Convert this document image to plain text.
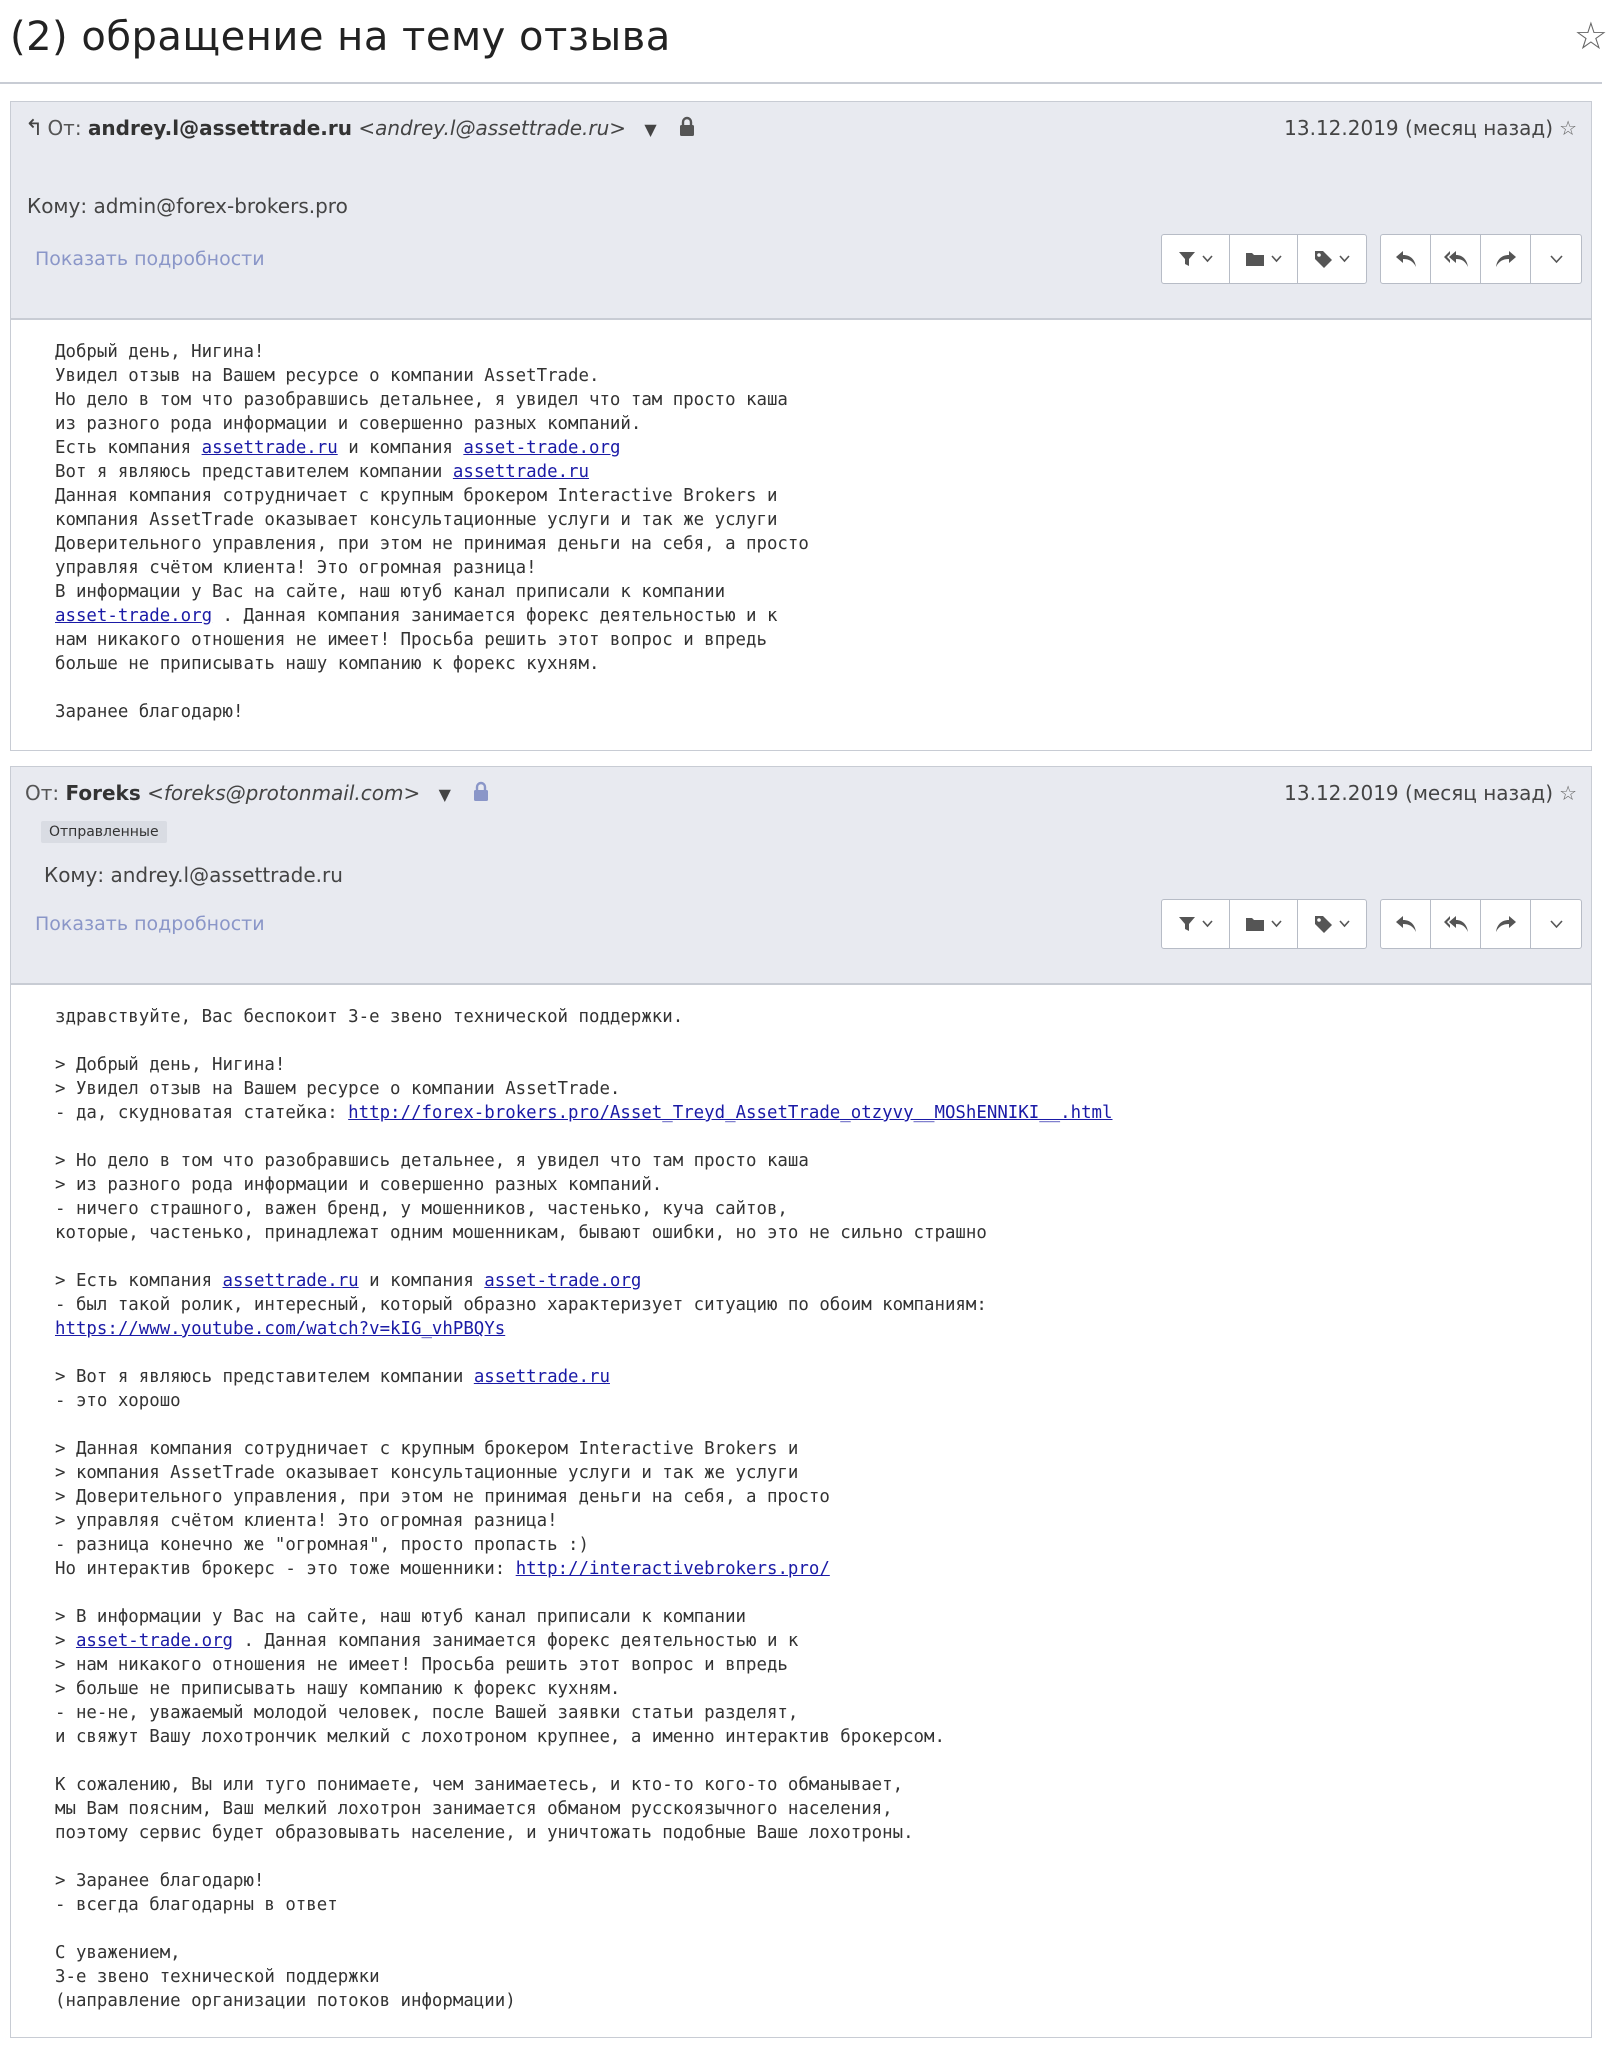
(2) обращение на тему отзыва	☆
↰ От: andrey.l@assettrade.ru <andrey.l@assettrade.ru> ▼	13.12.2019 (месяц назад) ☆
Кому: admin@forex-brokers.pro
Показать подробности
Добрый день, Нигина!
Увидел отзыв на Вашем ресурсе о компании AssetTrade.
Но дело в том что разобравшись детальнее, я увидел что там просто каша
из разного рода информации и совершенно разных компаний.
Есть компания assettrade.ru и компания asset-trade.org
Вот я являюсь представителем компании assettrade.ru
Данная компания сотрудничает с крупным брокером Interactive Brokers и
компания AssetTrade оказывает консультационные услуги и так же услуги
Доверительного управления, при этом не принимая деньги на себя, а просто
управляя счётом клиента! Это огромная разница!
В информации у Вас на сайте, наш ютуб канал приписали к компании
asset-trade.org . Данная компания занимается форекс деятельностью и к
нам никакого отношения не имеет! Просьба решить этот вопрос и впредь
больше не приписывать нашу компанию к форекс кухням.

Заранее благодарю!

От: Foreks <foreks@protonmail.com> ▼	13.12.2019 (месяц назад) ☆
Отправленные
Кому: andrey.l@assettrade.ru
Показать подробности
здравствуйте, Вас беспокоит 3-е звено технической поддержки.

> Добрый день, Нигина!
> Увидел отзыв на Вашем ресурсе о компании AssetTrade.
- да, скудноватая статейка: http://forex-brokers.pro/Asset_Treyd_AssetTrade_otzyvy__MOShENNIKI__.html

> Но дело в том что разобравшись детальнее, я увидел что там просто каша
> из разного рода информации и совершенно разных компаний.
- ничего страшного, важен бренд, у мошенников, частенько, куча сайтов,
которые, частенько, принадлежат одним мошенникам, бывают ошибки, но это не сильно страшно

> Есть компания assettrade.ru и компания asset-trade.org
- был такой ролик, интересный, который образно характеризует ситуацию по обоим компаниям:
https://www.youtube.com/watch?v=kIG_vhPBQYs

> Вот я являюсь представителем компании assettrade.ru
- это хорошо

> Данная компания сотрудничает с крупным брокером Interactive Brokers и
> компания AssetTrade оказывает консультационные услуги и так же услуги
> Доверительного управления, при этом не принимая деньги на себя, а просто
> управляя счётом клиента! Это огромная разница!
- разница конечно же "огромная", просто пропасть :)
Но интерактив брокерс - это тоже мошенники: http://interactivebrokers.pro/

> В информации у Вас на сайте, наш ютуб канал приписали к компании
> asset-trade.org . Данная компания занимается форекс деятельностью и к
> нам никакого отношения не имеет! Просьба решить этот вопрос и впредь
> больше не приписывать нашу компанию к форекс кухням.
- не-не, уважаемый молодой человек, после Вашей заявки статьи разделят,
и свяжут Вашу лохотрончик мелкий с лохотроном крупнее, а именно интерактив брокерсом.

К сожалению, Вы или туго понимаете, чем занимаетесь, и кто-то кого-то обманывает,
мы Вам поясним, Ваш мелкий лохотрон занимается обманом русскоязычного населения,
поэтому сервис будет образовывать население, и уничтожать подобные Ваше лохотроны.

> Заранее благодарю!
- всегда благодарны в ответ

С уважением,
3-е звено технической поддержки
(направление организации потоков информации)
